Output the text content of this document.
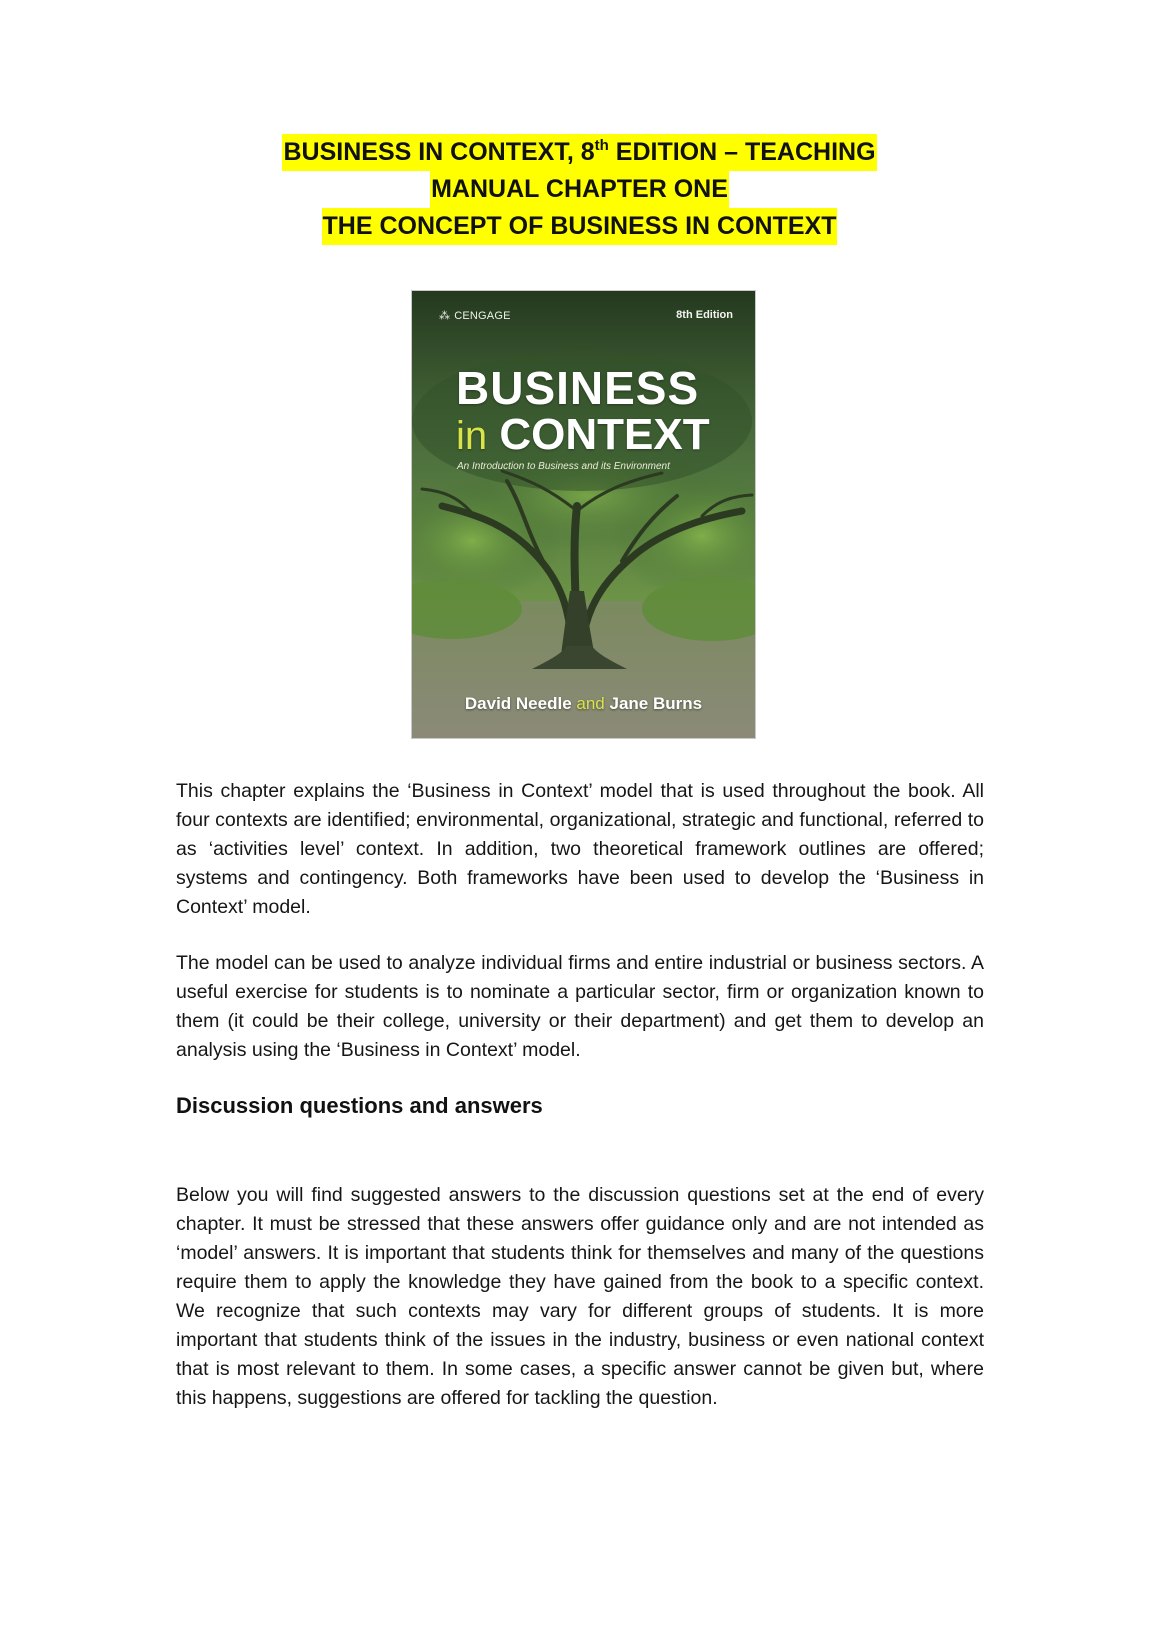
BUSINESS IN CONTEXT, 8th EDITION – TEACHING
MANUAL CHAPTER ONE
THE CONCEPT OF BUSINESS IN CONTEXT
⁂ CENGAGE	8th Edition
BUSINESS
in CONTEXT
An Introduction to Business and its Environment
David Needle and Jane Burns

This chapter explains the ‘Business in Context’ model that is used throughout the book. All four contexts are identified; environmental, organizational, strategic and functional, referred to as ‘activities level’ context. In addition, two theoretical framework outlines are offered; systems and contingency. Both frameworks have been used to develop the ‘Business in Context’ model.

The model can be used to analyze individual firms and entire industrial or business sectors. A useful exercise for students is to nominate a particular sector, firm or organization known to them (it could be their college, university or their department) and get them to develop an analysis using the ‘Business in Context’ model.

Discussion questions and answers

Below you will find suggested answers to the discussion questions set at the end of every chapter. It must be stressed that these answers offer guidance only and are not intended as ‘model’ answers. It is important that students think for themselves and many of the questions require them to apply the knowledge they have gained from the book to a specific context. We recognize that such contexts may vary for different groups of students. It is more important that students think of the issues in the industry, business or even national context that is most relevant to them. In some cases, a specific answer cannot be given but, where this happens, suggestions are offered for tackling the question.
